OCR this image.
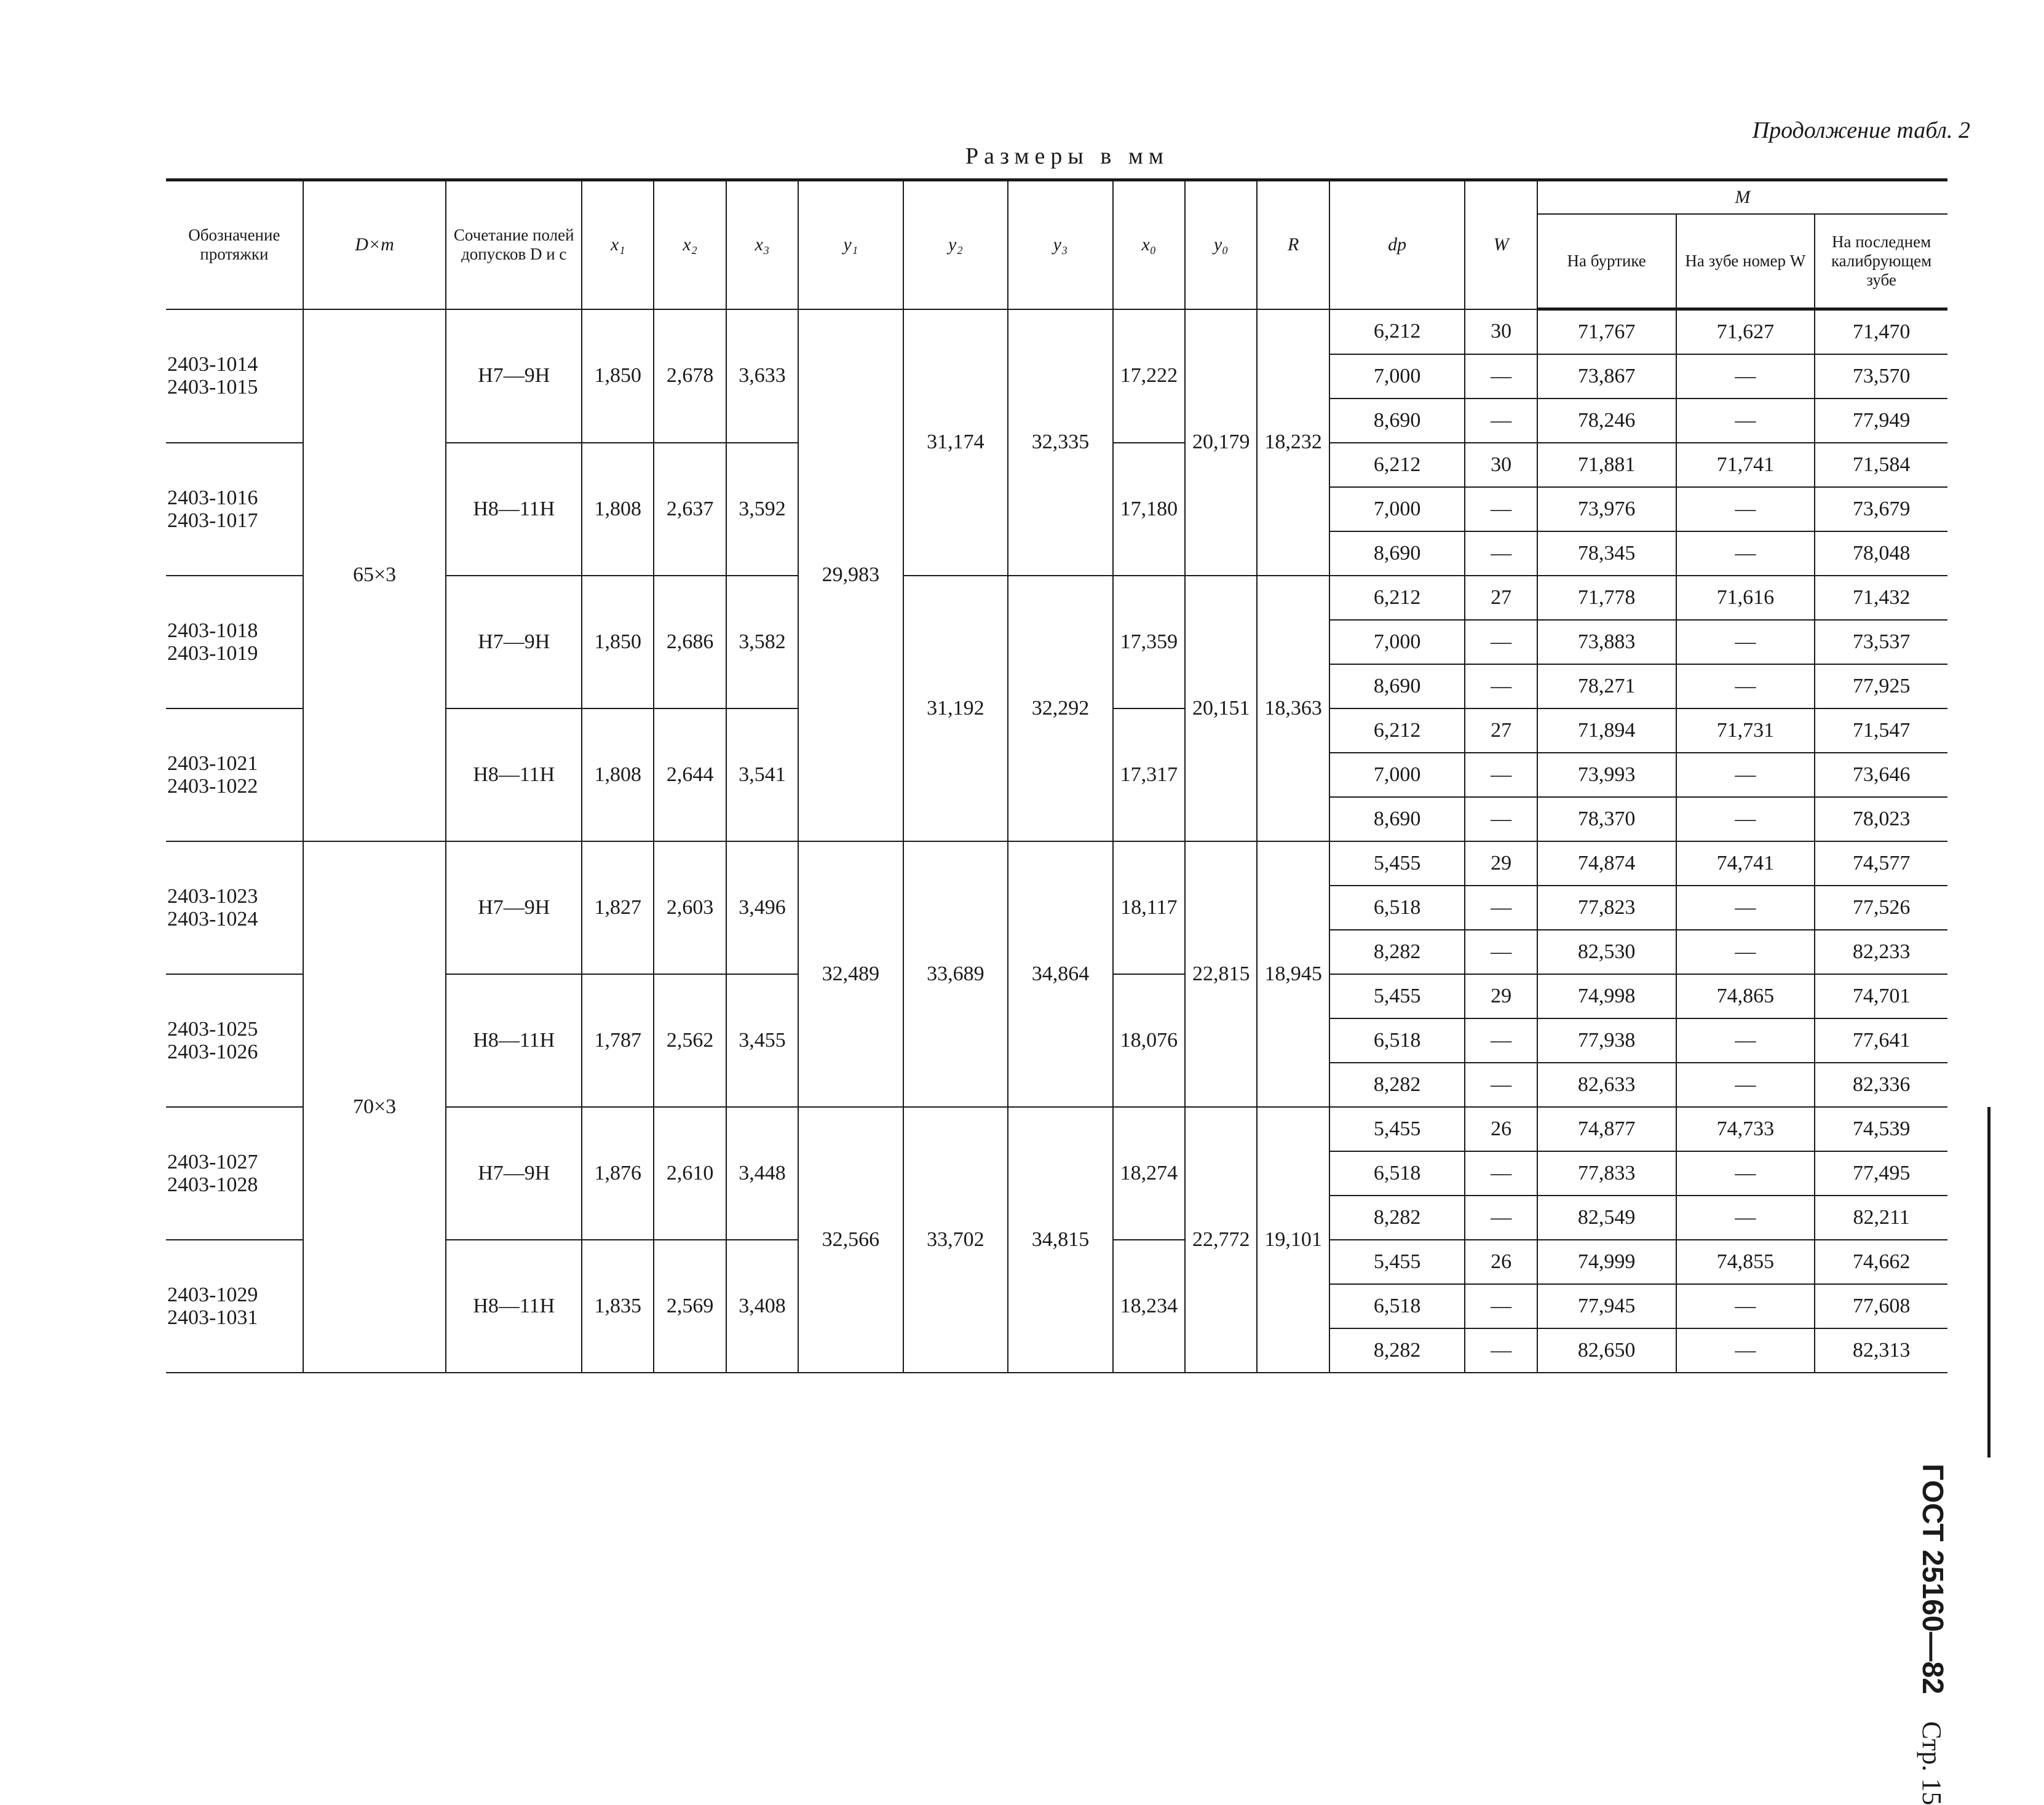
Продолжение табл. 2
Размеры в мм
Обозначение протяжки	D×m	Сочетание полей допусков D и c	x₁	x₂	x₃	y₁	y₂	y₃	x₀	y₀	R	dp	W	M		
														На буртике	На зубе номер W	На последнем калибрующем зубе

2403-1014
2403-1015	65×3	H7—9H	1,850	2,678	3,633	29,983	31,174	32,335	17,222	20,179	18,232	6,212	30	71,767	71,627	71,470
												7,000	—	73,867	—	73,570
												8,690	—	78,246	—	77,949

2403-1016
2403-1017		H8—11H	1,808	2,637	3,592				17,180			6,212	30	71,881	71,741	71,584
												7,000	—	73,976	—	73,679
												8,690	—	78,345	—	78,048

2403-1018
2403-1019		H7—9H	1,850	2,686	3,582		31,192	32,292	17,359	20,151	18,363	6,212	27	71,778	71,616	71,432
												7,000	—	73,883	—	73,537
												8,690	—	78,271	—	77,925

2403-1021
2403-1022		H8—11H	1,808	2,644	3,541				17,317			6,212	27	71,894	71,731	71,547
												7,000	—	73,993	—	73,646
												8,690	—	78,370	—	78,023

2403-1023
2403-1024	70×3	H7—9H	1,827	2,603	3,496	32,489	33,689	34,864	18,117	22,815	18,945	5,455	29	74,874	74,741	74,577
												6,518	—	77,823	—	77,526
												8,282	—	82,530	—	82,233

2403-1025
2403-1026		H8—11H	1,787	2,562	3,455				18,076			5,455	29	74,998	74,865	74,701
												6,518	—	77,938	—	77,641
												8,282	—	82,633	—	82,336

2403-1027
2403-1028		H7—9H	1,876	2,610	3,448	32,566	33,702	34,815	18,274	22,772	19,101	5,455	26	74,877	74,733	74,539
												6,518	—	77,833	—	77,495
												8,282	—	82,549	—	82,211

2403-1029
2403-1031		H8—11H	1,835	2,569	3,408				18,234			5,455	26	74,999	74,855	74,662
												6,518	—	77,945	—	77,608
												8,282	—	82,650	—	82,313
ГОСТ 25160—82    Стр. 15
